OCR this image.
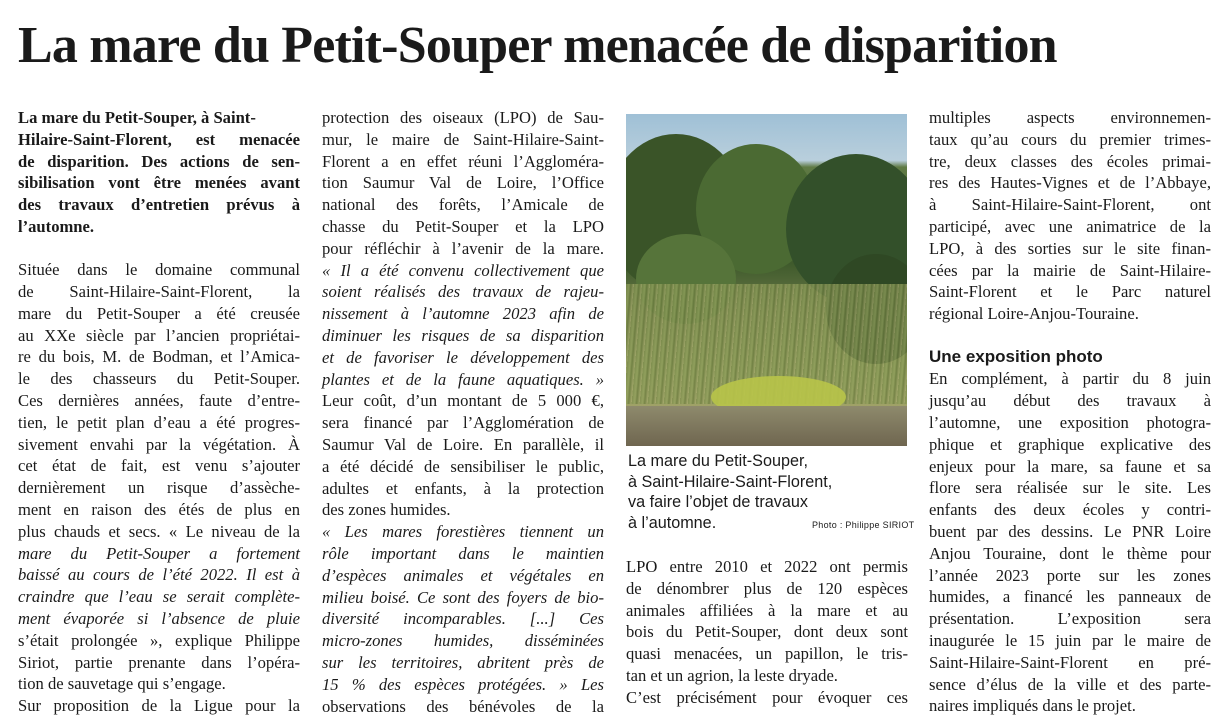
La mare du Petit-Souper menacée de disparition
La mare du Petit-Souper, à Saint-
Hilaire-Saint-Florent, est menacée
de disparition. Des actions de sen-
sibilisation vont être menées avant
des travaux d’entretien prévus à
l’automne.
Située dans le domaine communal
de Saint-Hilaire-Saint-Florent, la
mare du Petit-Souper a été creusée
au XXe siècle par l’ancien propriétai-
re du bois, M. de Bodman, et l’Amica-
le des chasseurs du Petit-Souper.
Ces dernières années, faute d’entre-
tien, le petit plan d’eau a été progres-
sivement envahi par la végétation. À
cet état de fait, est venu s’ajouter
dernièrement un risque d’assèche-
ment en raison des étés de plus en
plus chauds et secs. « Le niveau de la
mare du Petit-Souper a fortement
baissé au cours de l’été 2022. Il est à
craindre que l’eau se serait complète-
ment évaporée si l’absence de pluie
s’était prolongée », explique Philippe
Siriot, partie prenante dans l’opéra-
tion de sauvetage qui s’engage.
Sur proposition de la Ligue pour la
protection des oiseaux (LPO) de Sau-
mur, le maire de Saint-Hilaire-Saint-
Florent a en effet réuni l’Aggloméra-
tion Saumur Val de Loire, l’Office
national des forêts, l’Amicale de
chasse du Petit-Souper et la LPO
pour réfléchir à l’avenir de la mare.
« Il a été convenu collectivement que
soient réalisés des travaux de rajeu-
nissement à l’automne 2023 afin de
diminuer les risques de sa disparition
et de favoriser le développement des
plantes et de la faune aquatiques. »
Leur coût, d’un montant de 5 000 €,
sera financé par l’Agglomération de
Saumur Val de Loire. En parallèle, il
a été décidé de sensibiliser le public,
adultes et enfants, à la protection
des zones humides.
« Les mares forestières tiennent un
rôle important dans le maintien
d’espèces animales et végétales en
milieu boisé. Ce sont des foyers de bio-
diversité incomparables. [...] Ces
micro-zones humides, disséminées
sur les territoires, abritent près de
15 % des espèces protégées. » Les
observations des bénévoles de la
La mare du Petit-Souper,
à Saint-Hilaire-Saint-Florent,
va faire l’objet de travaux
à l’automne.	Photo : Philippe SIRIOT
LPO entre 2010 et 2022 ont permis
de dénombrer plus de 120 espèces
animales affiliées à la mare et au
bois du Petit-Souper, dont deux sont
quasi menacées, un papillon, le tris-
tan et un agrion, la leste dryade.
C’est précisément pour évoquer ces
multiples aspects environnemen-
taux qu’au cours du premier trimes-
tre, deux classes des écoles primai-
res des Hautes-Vignes et de l’Abbaye,
à Saint-Hilaire-Saint-Florent, ont
participé, avec une animatrice de la
LPO, à des sorties sur le site finan-
cées par la mairie de Saint-Hilaire-
Saint-Florent et le Parc naturel
régional Loire-Anjou-Touraine.
Une exposition photo
En complément, à partir du 8 juin
jusqu’au début des travaux à
l’automne, une exposition photogra-
phique et graphique explicative des
enjeux pour la mare, sa faune et sa
flore sera réalisée sur le site. Les
enfants des deux écoles y contri-
buent par des dessins. Le PNR Loire
Anjou Touraine, dont le thème pour
l’année 2023 porte sur les zones
humides, a financé les panneaux de
présentation. L’exposition sera
inaugurée le 15 juin par le maire de
Saint-Hilaire-Saint-Florent en pré-
sence d’élus de la ville et des parte-
naires impliqués dans le projet.
